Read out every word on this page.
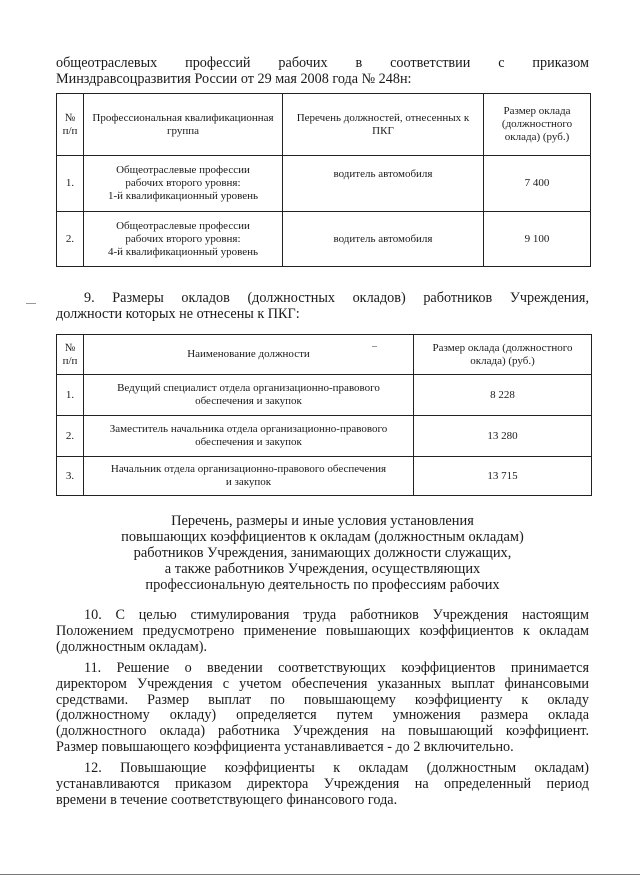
общеотраслевых профессий рабочих в соответствии с приказом
Минздравсоцразвития России от 29 мая 2008 года № 248н:

№ п/п	Профессиональная квалификационная группа	Перечень должностей, отнесенных к ПКГ	Размер оклада (должностного оклада) (руб.)
1.	Общеотраслевые профессии
рабочих второго уровня:
1-й квалификационный уровень	водитель автомобиля	7 400
2.	Общеотраслевые профессии
рабочих второго уровня:
4-й квалификационный уровень	водитель автомобиля	9 100

9. Размеры окладов (должностных окладов) работников Учреждения,
должности которых не отнесены к ПКГ:

№ п/п	Наименование должности	Размер оклада (должностного оклада) (руб.)
1.	Ведущий специалист отдела организационно-правового
обеспечения и закупок	8 228
2.	Заместитель начальника отдела организационно-правового
обеспечения и закупок	13 280
3.	Начальник отдела организационно-правового обеспечения
и закупок	13 715
Перечень, размеры и иные условия установления
повышающих коэффициентов к окладам (должностным окладам)
работников Учреждения, занимающих должности служащих,
а также работников Учреждения, осуществляющих
профессиональную деятельность по профессиям рабочих

10. С целью стимулирования труда работников Учреждения настоящим
Положением предусмотрено применение повышающих коэффициентов к окладам
(должностным окладам).

11. Решение о введении соответствующих коэффициентов принимается
директором Учреждения с учетом обеспечения указанных выплат финансовыми
средствами. Размер выплат по повышающему коэффициенту к окладу
(должностному окладу) определяется путем умножения размера оклада
(должностного оклада) работника Учреждения на повышающий коэффициент.
Размер повышающего коэффициента устанавливается - до 2 включительно.

12. Повышающие коэффициенты к окладам (должностным окладам)
устанавливаются приказом директора Учреждения на определенный период
времени в течение соответствующего финансового года.
